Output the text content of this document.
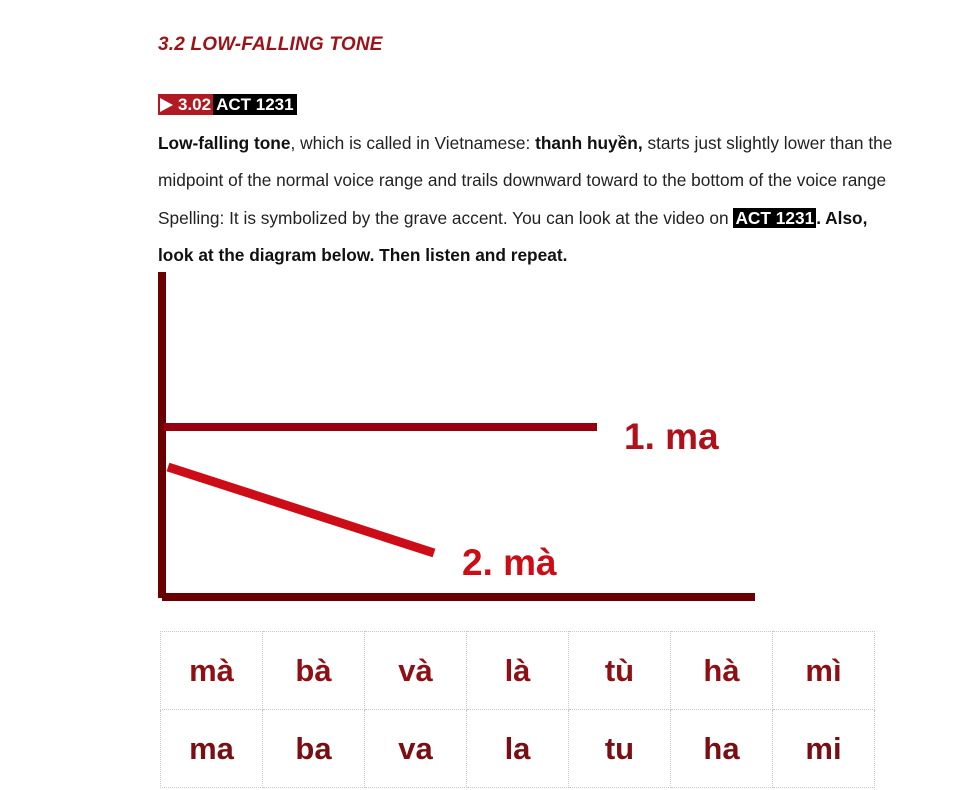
3.2 LOW-FALLING TONE
3.02 ACT 1231
Low-falling tone, which is called in Vietnamese: thanh huyền, starts just slightly lower than the midpoint of the normal voice range and trails downward toward to the bottom of the voice range Spelling: It is symbolized by the grave accent. You can look at the video on ACT 1231 . Also, look at the diagram below. Then listen and repeat.
1. ma
2. mà
mà	bà	và	là	tù	hà	mì
ma	ba	va	la	tu	ha	mi
